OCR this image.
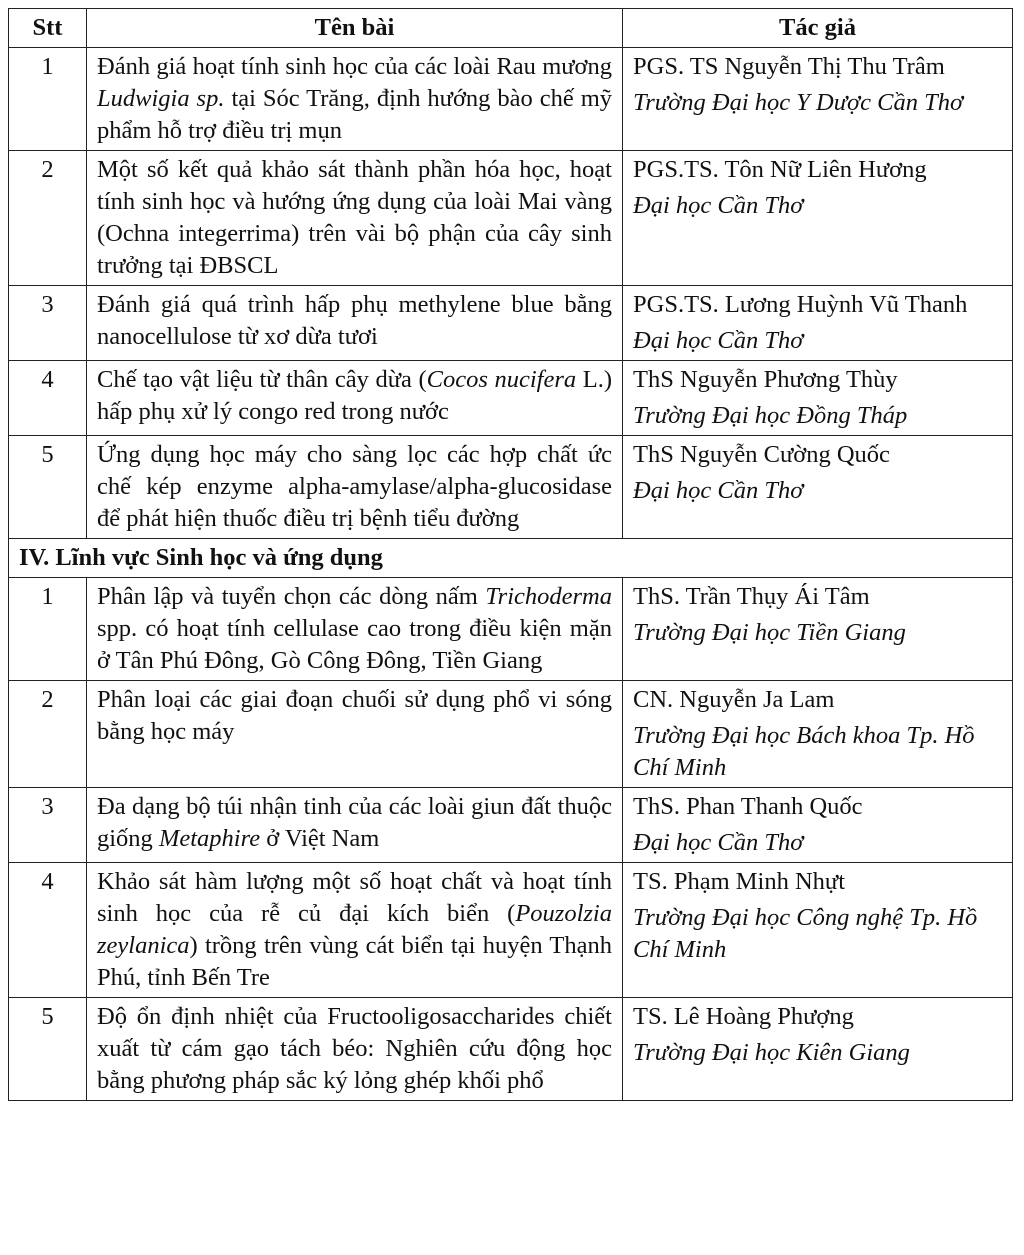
Stt	Tên bài	Tác giả
1	Đánh giá hoạt tính sinh học của các loài Rau mương Ludwigia sp. tại Sóc Trăng, định hướng bào chế mỹ phẩm hỗ trợ điều trị mụn	PGS. TS Nguyễn Thị Thu Trâm
Trường Đại học Y Dược Cần Thơ

2	Một số kết quả khảo sát thành phần hóa học, hoạt tính sinh học và hướng ứng dụng của loài Mai vàng (Ochna integerrima) trên vài bộ phận của cây sinh trưởng tại ĐBSCL	PGS.TS. Tôn Nữ Liên Hương
Đại học Cần Thơ

3	Đánh giá quá trình hấp phụ methylene blue bằng nanocellulose từ xơ dừa tươi	PGS.TS. Lương Huỳnh Vũ Thanh
Đại học Cần Thơ

4	Chế tạo vật liệu từ thân cây dừa (Cocos nucifera L.) hấp phụ xử lý congo red trong nước	ThS Nguyễn Phương Thùy
Trường Đại học Đồng Tháp

5	Ứng dụng học máy cho sàng lọc các hợp chất ức chế kép enzyme alpha-amylase/alpha-glucosidase để phát hiện thuốc điều trị bệnh tiểu đường	ThS Nguyễn Cường Quốc
Đại học Cần Thơ

IV. Lĩnh vực Sinh học và ứng dụng		
1	Phân lập và tuyển chọn các dòng nấm Trichoderma spp. có hoạt tính cellulase cao trong điều kiện mặn ở Tân Phú Đông, Gò Công Đông, Tiền Giang	ThS. Trần Thụy Ái Tâm
Trường Đại học Tiền Giang

2	Phân loại các giai đoạn chuối sử dụng phổ vi sóng bằng học máy	CN. Nguyễn Ja Lam
Trường Đại học Bách khoa Tp. Hồ Chí Minh

3	Đa dạng bộ túi nhận tinh của các loài giun đất thuộc giống Metaphire ở Việt Nam	ThS. Phan Thanh Quốc
Đại học Cần Thơ

4	Khảo sát hàm lượng một số hoạt chất và hoạt tính sinh học của rễ củ đại kích biển (Pouzolzia zeylanica) trồng trên vùng cát biển tại huyện Thạnh Phú, tỉnh Bến Tre	TS. Phạm Minh Nhựt
Trường Đại học Công nghệ Tp. Hồ Chí Minh

5	Độ ổn định nhiệt của Fructooligosaccharides chiết xuất từ cám gạo tách béo: Nghiên cứu động học bằng phương pháp sắc ký lỏng ghép khối phổ	TS. Lê Hoàng Phượng
Trường Đại học Kiên Giang
